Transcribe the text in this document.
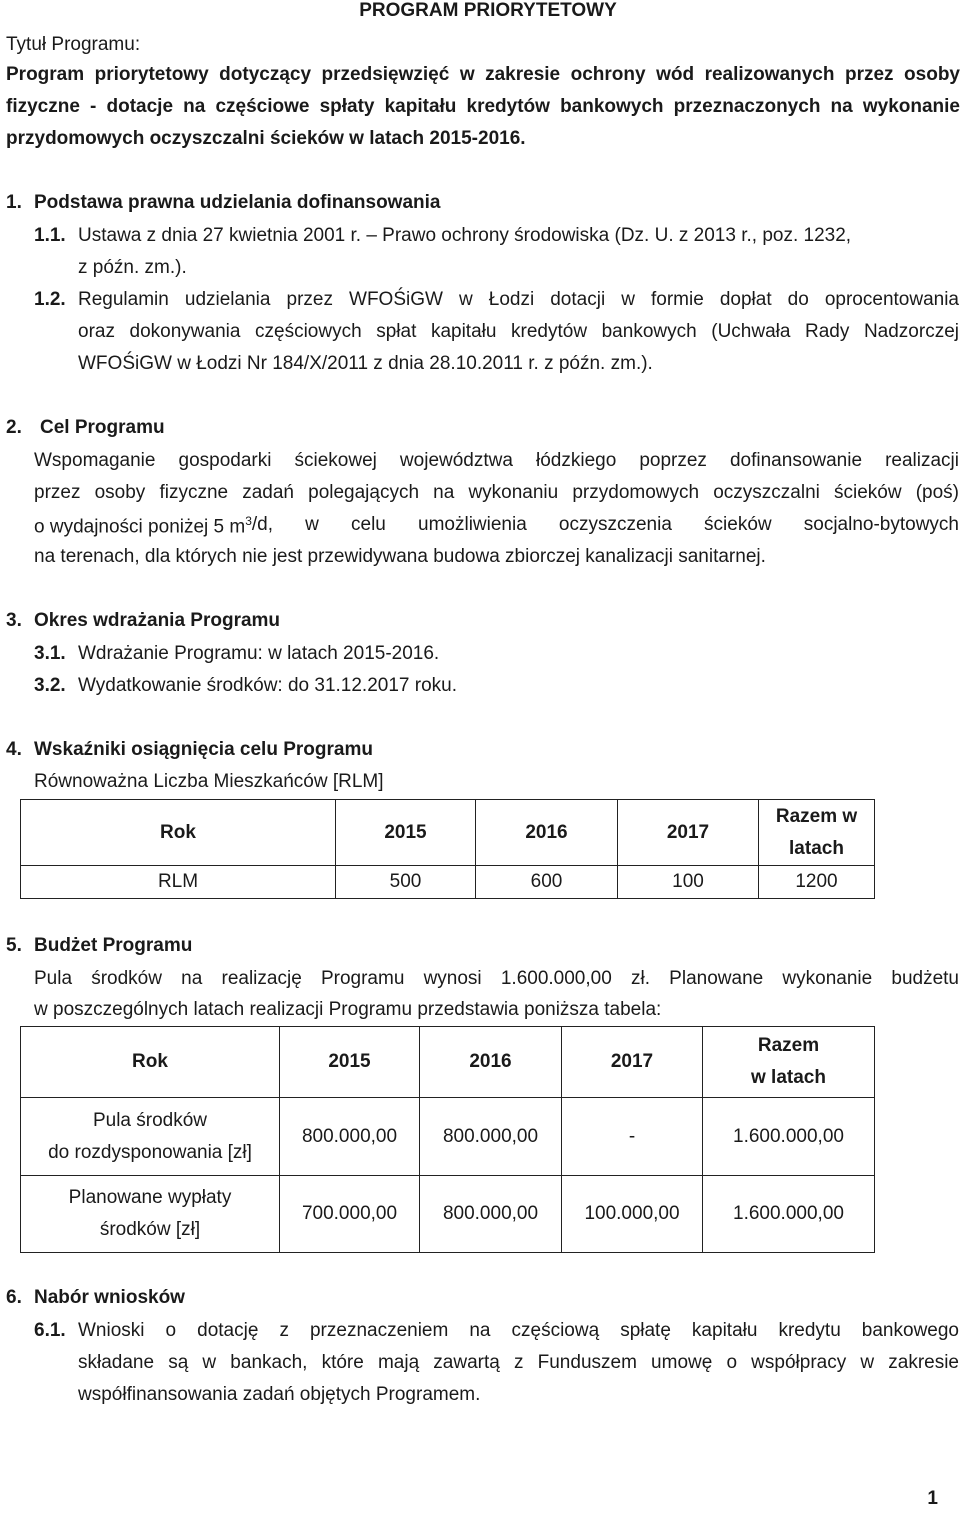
PROGRAM PRIORYTETOWY
Tytuł Programu:
Program priorytetowy dotyczący przedsięwzięć w zakresie ochrony wód realizowanych przez osoby
fizyczne - dotacje na częściowe spłaty kapitału kredytów bankowych przeznaczonych na wykonanie
przydomowych oczyszczalni ścieków w latach 2015-2016.
1. Podstawa prawna udzielania dofinansowania
1.1. Ustawa z dnia 27 kwietnia 2001 r. – Prawo ochrony środowiska (Dz. U. z 2013 r., poz. 1232,
z późn. zm.).
1.2. Regulamin udzielania przez WFOŚiGW w Łodzi dotacji w formie dopłat do oprocentowania
oraz dokonywania częściowych spłat kapitału kredytów bankowych (Uchwała Rady Nadzorczej
WFOŚiGW w Łodzi Nr 184/X/2011 z dnia 28.10.2011 r. z późn. zm.).
2. Cel Programu
Wspomaganie gospodarki ściekowej województwa łódzkiego poprzez dofinansowanie realizacji
przez osoby fizyczne zadań polegających na wykonaniu przydomowych oczyszczalni ścieków (poś)
o wydajności poniżej 5 $m^3$ /d, w celu umożliwienia oczyszczenia ścieków socjalno-bytowych
na terenach, dla których nie jest przewidywana budowa zbiorczej kanalizacji sanitarnej.
3. Okres wdrażania Programu
3.1. Wdrażanie Programu: w latach 2015-2016.
3.2. Wydatkowanie środków: do 31.12.2017 roku.
4. Wskaźniki osiągnięcia celu Programu
Równoważna Liczba Mieszkańców [RLM]
Rok	2015	2016	2017	Razem w
latach

RLM	500	600	100	1200
5. Budżet Programu
Pula środków na realizację Programu wynosi 1.600.000,00 zł. Planowane wykonanie budżetu
w poszczególnych latach realizacji Programu przedstawia poniższa tabela:
Rok	2015	2016	2017	Razem
w latach

Pula środków
do rozdysponowania [zł]	800.000,00	800.000,00	-	1.600.000,00

Planowane wypłaty
środków [zł]	700.000,00	800.000,00	100.000,00	1.600.000,00
6. Nabór wniosków
6.1. Wnioski o dotację z przeznaczeniem na częściową spłatę kapitału kredytu bankowego
składane są w bankach, które mają zawartą z Funduszem umowę o współpracy w zakresie
współfinansowania zadań objętych Programem.
1
